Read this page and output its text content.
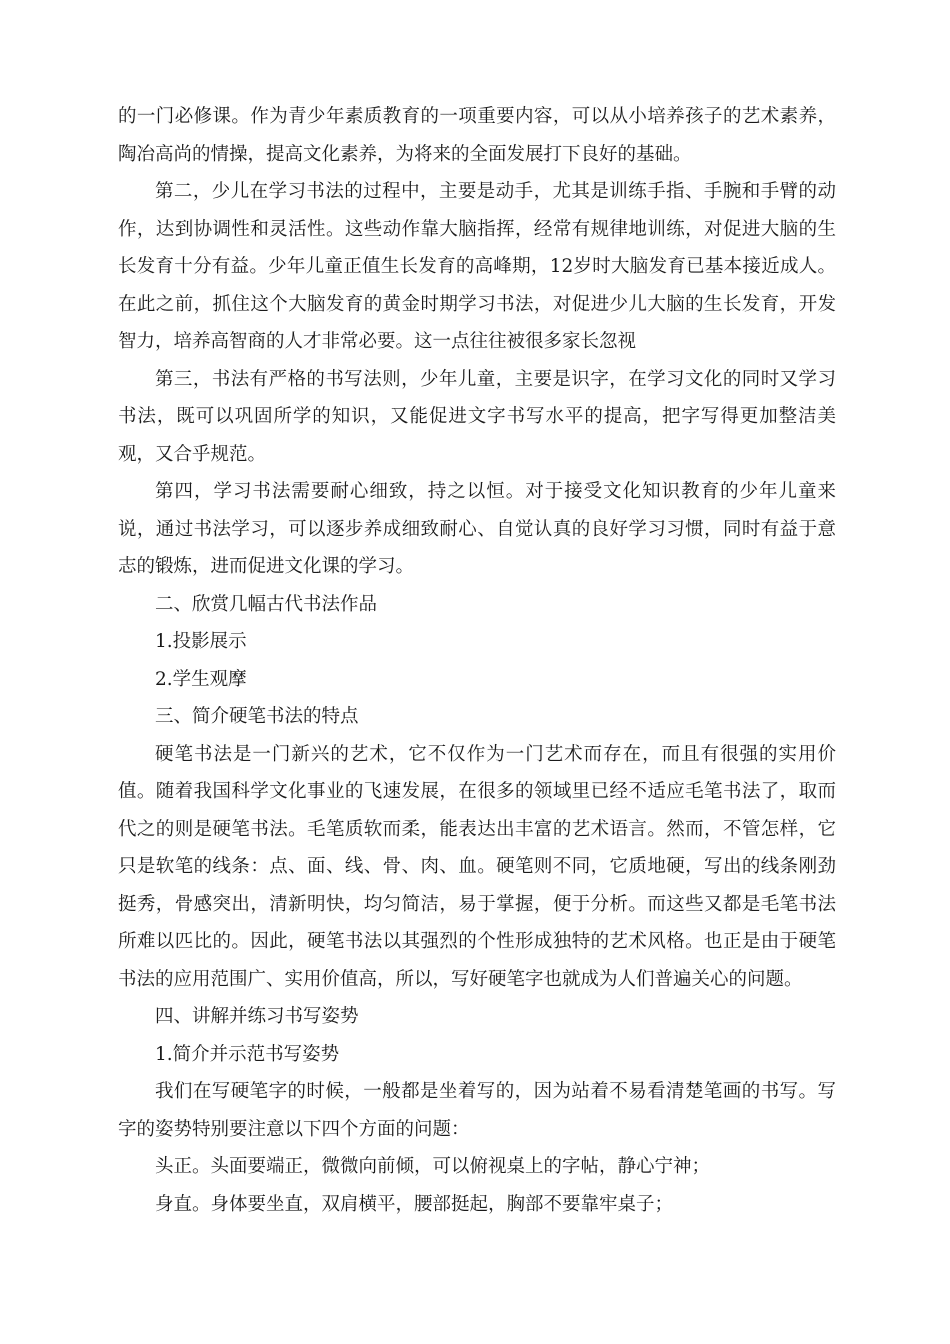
的一门必修课。作为青少年素质教育的一项重要内容，可以从小培养孩子的艺术素养，陶冶高尚的情操，提高文化素养，为将来的全面发展打下良好的基础。

第二，少儿在学习书法的过程中，主要是动手，尤其是训练手指、手腕和手臂的动作，达到协调性和灵活性。这些动作靠大脑指挥，经常有规律地训练，对促进大脑的生长发育十分有益。少年儿童正值生长发育的高峰期，12岁时大脑发育已基本接近成人。在此之前，抓住这个大脑发育的黄金时期学习书法，对促进少儿大脑的生长发育，开发智力，培养高智商的人才非常必要。这一点往往被很多家长忽视

第三，书法有严格的书写法则，少年儿童，主要是识字，在学习文化的同时又学习书法，既可以巩固所学的知识，又能促进文字书写水平的提高，把字写得更加整洁美观，又合乎规范。

第四，学习书法需要耐心细致，持之以恒。对于接受文化知识教育的少年儿童来说，通过书法学习，可以逐步养成细致耐心、自觉认真的良好学习习惯，同时有益于意志的锻炼，进而促进文化课的学习。

二、欣赏几幅古代书法作品

1.投影展示

2.学生观摩

三、简介硬笔书法的特点

硬笔书法是一门新兴的艺术，它不仅作为一门艺术而存在，而且有很强的实用价值。随着我国科学文化事业的飞速发展，在很多的领域里已经不适应毛笔书法了，取而代之的则是硬笔书法。毛笔质软而柔，能表达出丰富的艺术语言。然而，不管怎样，它只是软笔的线条：点、面、线、骨、肉、血。硬笔则不同，它质地硬，写出的线条刚劲挺秀，骨感突出，清新明快，均匀简洁，易于掌握，便于分析。而这些又都是毛笔书法所难以匹比的。因此，硬笔书法以其强烈的个性形成独特的艺术风格。也正是由于硬笔书法的应用范围广、实用价值高，所以，写好硬笔字也就成为人们普遍关心的问题。

四、讲解并练习书写姿势

1.简介并示范书写姿势

我们在写硬笔字的时候，一般都是坐着写的，因为站着不易看清楚笔画的书写。写字的姿势特别要注意以下四个方面的问题：

头正。头面要端正，微微向前倾，可以俯视桌上的字帖，静心宁神；

身直。身体要坐直，双肩横平，腰部挺起，胸部不要靠牢桌子；
